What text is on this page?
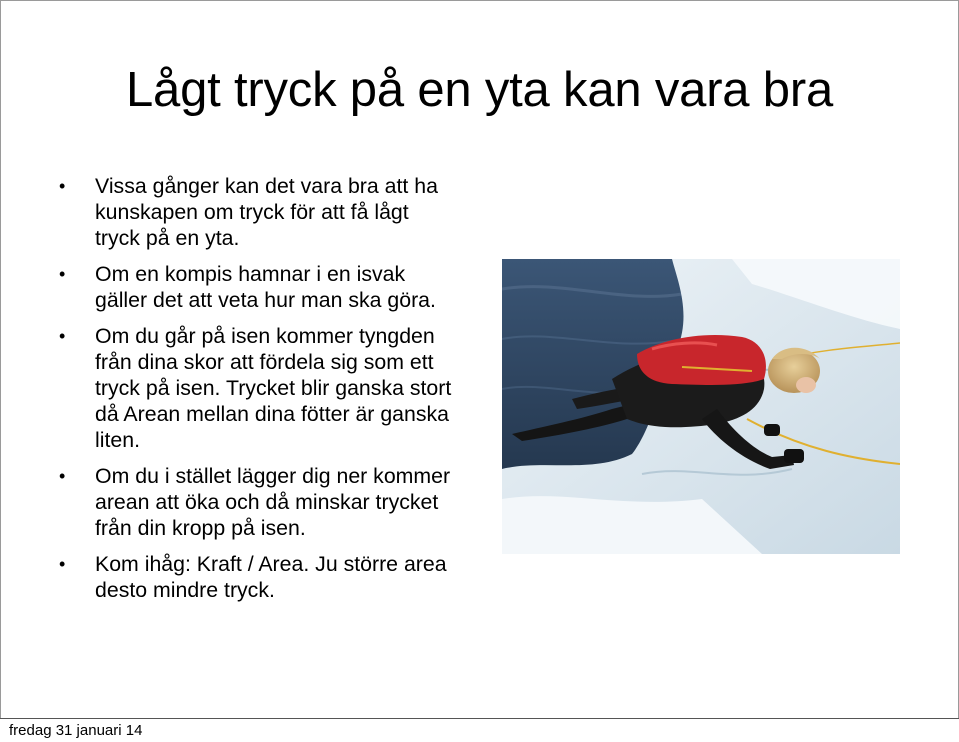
Lågt tryck på en yta kan vara bra
• Vissa gånger kan det vara bra att ha kunskapen om tryck för att få lågt tryck på en yta.
• Om en kompis hamnar i en isvak gäller det att veta hur man ska göra.
• Om du går på isen kommer tyngden från dina skor att fördela sig som ett tryck på isen. Trycket blir ganska stort då Arean mellan dina fötter är ganska liten.
• Om du i stället lägger dig ner kommer arean att öka och då minskar trycket från din kropp på isen.
• Kom ihåg: Kraft / Area. Ju större area desto mindre tryck.
fredag 31 januari 14
